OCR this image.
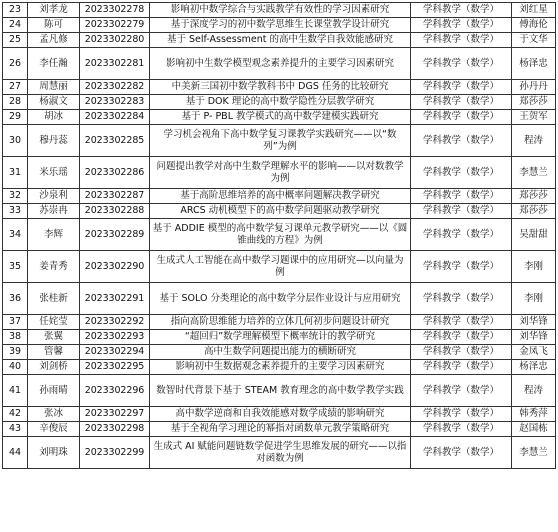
23	刘孝龙	2023302278	影响初中数学综合与实践教学有效性的学习因素研究	学科教学（数学）	刘红星
24	陈可	2023302279	基于深度学习的初中数学思维生长课堂教学设计研究	学科教学（数学）	傅海伦
25	孟凡修	2023302280	基于 Self-Assessment 的高中生数学自我效能感研究	学科教学（数学）	于文华
26	李任瀚	2023302281	影响初中生数学模型观念素养提升的主要学习因素研究	学科教学（数学）	杨泽忠
27	周慧丽	2023302282	中美新三国初中数学教科书中 DGS 任务的比较研究	学科教学（数学）	孙丹丹
28	杨淑文	2023302283	基于 DOK 理论的高中数学隐性分层教学研究	学科教学（数学）	郑莎莎
29	胡冰	2023302284	基于 P- PBL 教学模式的高中数学建模实践研究	学科教学（数学）	王贺军
30	穆丹蕊	2023302285	学习机会视角下高中数学复习课教学实践研究——以“数列”为例	学科教学（数学）	程涛
31	米乐瑶	2023302286	问题提出教学对高中生数学理解水平的影响——以对数教学为例	学科教学（数学）	李慧兰
32	沙泉利	2023302287	基于高阶思维培养的高中概率问题解决教学研究	学科教学（数学）	郑莎莎
33	苏崇冉	2023302288	ARCS 动机模型下的高中数学问题驱动教学研究	学科教学（数学）	郑莎莎
34	李辉	2023302289	基于 ADDIE 模型的高中数学复习课单元教学研究——以《圆锥曲线的方程》为例	学科教学（数学）	吴甜甜
35	姜青秀	2023302290	生成式人工智能在高中数学习题课中的应用研究—以向量为例	学科教学（数学）	李刚
36	张桂新	2023302291	基于 SOLO 分类理论的高中数学分层作业设计与应用研究	学科教学（数学）	李刚
37	任姹莹	2023302292	指向高阶思维能力培养的立体几何初步问题设计研究	学科教学（数学）	刘华锋
38	张翼	2023302293	“超回归”数学理解模型下概率统计的教学研究	学科教学（数学）	刘华锋
39	管馨	2023302294	高中生数学问题提出能力的横断研究	学科教学（数学）	金凤飞
40	刘剑桥	2023302295	影响初中生数据观念素养提升的主要学习因素研究	学科教学（数学）	杨泽忠
41	孙雨晴	2023302296	数智时代背景下基于 STEAM 教育理念的高中数学教学实践	学科教学（数学）	程涛
42	张冰	2023302297	高中数学逆商和自我效能感对数学成绩的影响研究	学科教学（数学）	韩秀萍
43	辛俊辰	2023302298	基于全视角学习理论的幂指对函数单元教学策略研究	学科教学（数学）	赵国栋
44	刘明珠	2023302299	生成式 AI 赋能问题链数学促进学生思维发展的研究——以指对函数为例	学科教学（数学）	李慧兰
